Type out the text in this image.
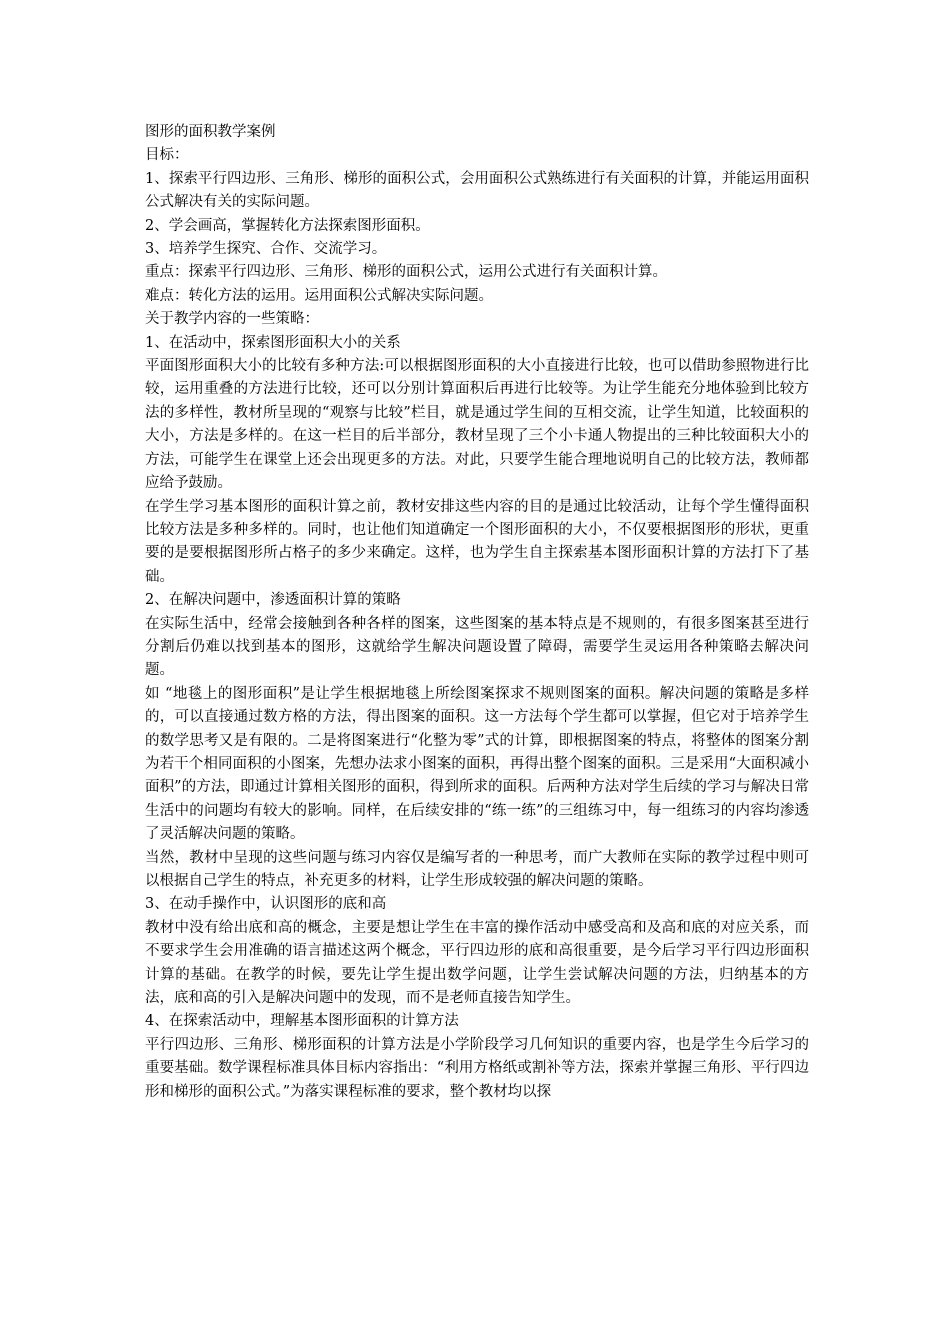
图形的面积教学案例

目标：

1、探索平行四边形、三角形、梯形的面积公式，会用面积公式熟练进行有关面积的计算，并能运用面积公式解决有关的实际问题。

2、学会画高，掌握转化方法探索图形面积。

3、培养学生探究、合作、交流学习。

重点：探索平行四边形、三角形、梯形的面积公式，运用公式进行有关面积计算。

难点：转化方法的运用。运用面积公式解决实际问题。

关于教学内容的一些策略：

1、在活动中，探索图形面积大小的关系

平面图形面积大小的比较有多种方法:可以根据图形面积的大小直接进行比较，也可以借助参照物进行比较，运用重叠的方法进行比较，还可以分别计算面积后再进行比较等。为让学生能充分地体验到比较方法的多样性，教材所呈现的“观察与比较”栏目，就是通过学生间的互相交流，让学生知道，比较面积的大小，方法是多样的。在这一栏目的后半部分，教材呈现了三个小卡通人物提出的三种比较面积大小的方法，可能学生在课堂上还会出现更多的方法。对此，只要学生能合理地说明自己的比较方法，教师都应给予鼓励。

在学生学习基本图形的面积计算之前，教材安排这些内容的目的是通过比较活动，让每个学生懂得面积比较方法是多种多样的。同时，也让他们知道确定一个图形面积的大小，不仅要根据图形的形状，更重要的是要根据图形所占格子的多少来确定。这样，也为学生自主探索基本图形面积计算的方法打下了基础。

2、在解决问题中，渗透面积计算的策略

在实际生活中，经常会接触到各种各样的图案，这些图案的基本特点是不规则的，有很多图案甚至进行分割后仍难以找到基本的图形，这就给学生解决问题设置了障碍，需要学生灵运用各种策略去解决问题。

如 “地毯上的图形面积”是让学生根据地毯上所绘图案探求不规则图案的面积。解决问题的策略是多样的，可以直接通过数方格的方法，得出图案的面积。这一方法每个学生都可以掌握，但它对于培养学生的数学思考又是有限的。二是将图案进行“化整为零”式的计算，即根据图案的特点，将整体的图案分割为若干个相同面积的小图案，先想办法求小图案的面积，再得出整个图案的面积。三是采用“大面积减小面积”的方法，即通过计算相关图形的面积，得到所求的面积。后两种方法对学生后续的学习与解决日常生活中的问题均有较大的影响。同样，在后续安排的“练一练”的三组练习中，每一组练习的内容均渗透了灵活解决问题的策略。

当然，教材中呈现的这些问题与练习内容仅是编写者的一种思考，而广大教师在实际的教学过程中则可以根据自己学生的特点，补充更多的材料，让学生形成较强的解决问题的策略。

3、在动手操作中，认识图形的底和高

教材中没有给出底和高的概念，主要是想让学生在丰富的操作活动中感受高和及高和底的对应关系，而不要求学生会用准确的语言描述这两个概念，平行四边形的底和高很重要，是今后学习平行四边形面积计算的基础。在教学的时候，要先让学生提出数学问题，让学生尝试解决问题的方法，归纳基本的方法，底和高的引入是解决问题中的发现，而不是老师直接告知学生。

4、在探索活动中，理解基本图形面积的计算方法

平行四边形、三角形、梯形面积的计算方法是小学阶段学习几何知识的重要内容，也是学生今后学习的重要基础。数学课程标准具体目标内容指出：“利用方格纸或割补等方法，探索并掌握三角形、平行四边形和梯形的面积公式。”为落实课程标准的要求，整个教材均以探
